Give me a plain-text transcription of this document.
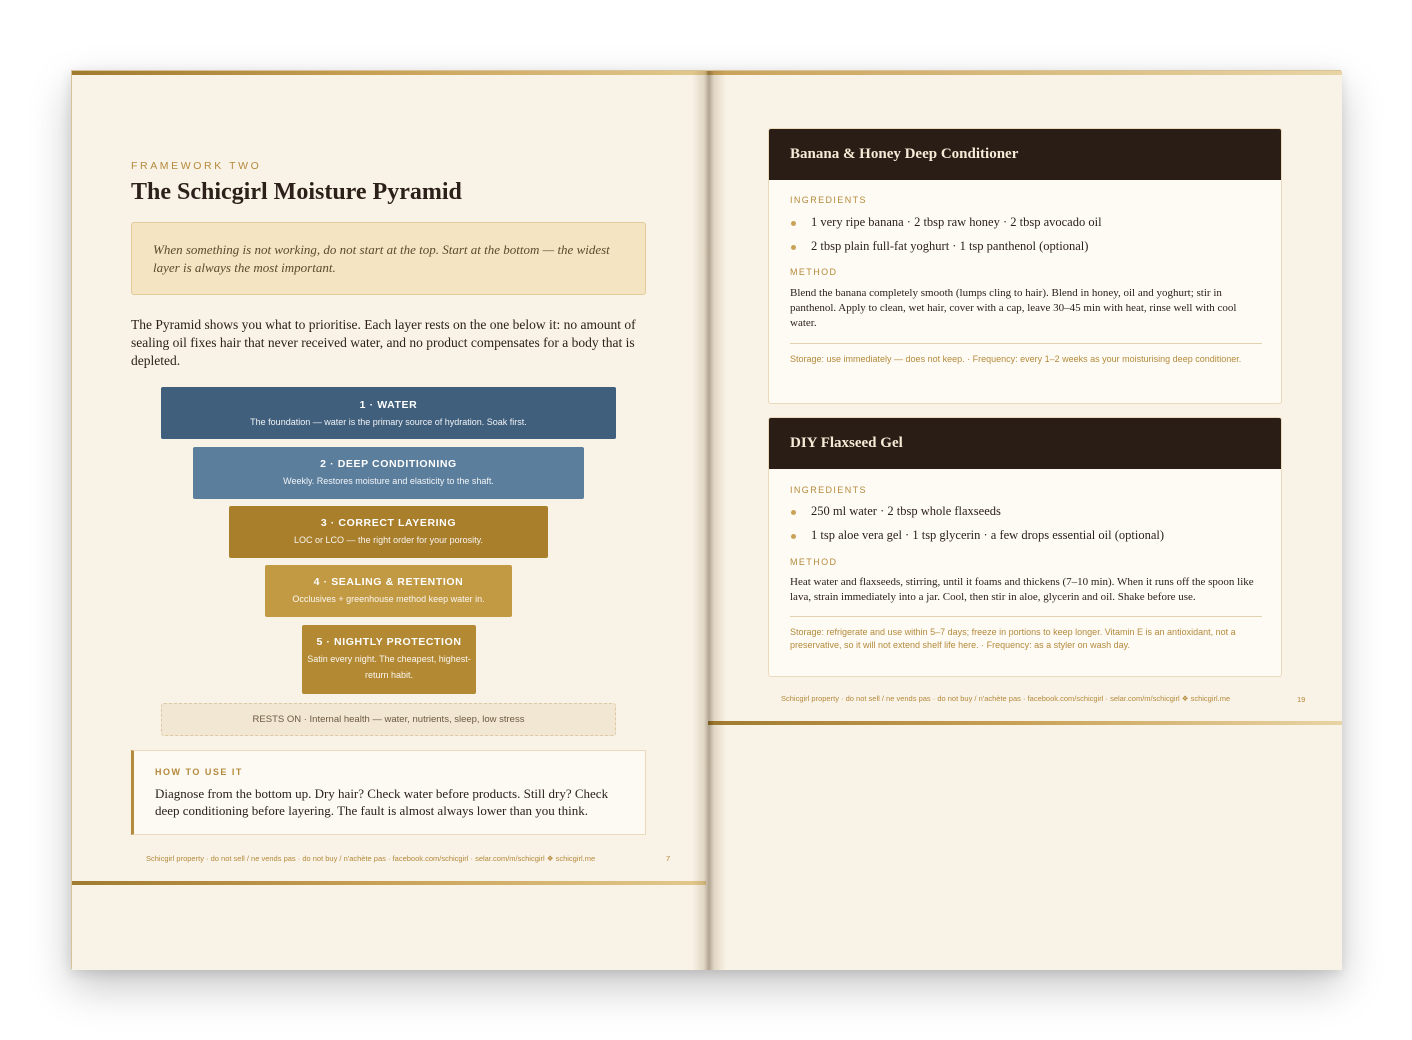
FRAMEWORK TWO
The Schicgirl Moisture Pyramid
When something is not working, do not start at the top. Start at the bottom — the widest layer is always the most important.
The Pyramid shows you what to prioritise. Each layer rests on the one below it: no amount of sealing oil fixes hair that never received water, and no product compensates for a body that is depleted.
1 · WATER
The foundation — water is the primary source of hydration. Soak first.
2 · DEEP CONDITIONING
Weekly. Restores moisture and elasticity to the shaft.
3 · CORRECT LAYERING
LOC or LCO — the right order for your porosity.
4 · SEALING & RETENTION
Occlusives + greenhouse method keep water in.
5 · NIGHTLY PROTECTION
Satin every night. The cheapest, highest-return habit.
RESTS ON · Internal health — water, nutrients, sleep, low stress
HOW TO USE IT
Diagnose from the bottom up. Dry hair? Check water before products. Still dry? Check deep conditioning before layering. The fault is almost always lower than you think.
Schicgirl property · do not sell / ne vends pas · do not buy / n'achète pas · facebook.com/schicgirl · selar.com/m/schicgirl ❖ schicgirl.me	7
Banana & Honey Deep Conditioner
INGREDIENTS
1 very ripe banana · 2 tbsp raw honey · 2 tbsp avocado oil
2 tbsp plain full-fat yoghurt · 1 tsp panthenol (optional)
METHOD
Blend the banana completely smooth (lumps cling to hair). Blend in honey, oil and yoghurt; stir in panthenol. Apply to clean, wet hair, cover with a cap, leave 30–45 min with heat, rinse well with cool water.
Storage: use immediately — does not keep. · Frequency: every 1–2 weeks as your moisturising deep conditioner.
DIY Flaxseed Gel
INGREDIENTS
250 ml water · 2 tbsp whole flaxseeds
1 tsp aloe vera gel · 1 tsp glycerin · a few drops essential oil (optional)
METHOD
Heat water and flaxseeds, stirring, until it foams and thickens (7–10 min). When it runs off the spoon like lava, strain immediately into a jar. Cool, then stir in aloe, glycerin and oil. Shake before use.
Storage: refrigerate and use within 5–7 days; freeze in portions to keep longer. Vitamin E is an antioxidant, not a preservative, so it will not extend shelf life here. · Frequency: as a styler on wash day.
Schicgirl property · do not sell / ne vends pas · do not buy / n'achète pas · facebook.com/schicgirl · selar.com/m/schicgirl ❖ schicgirl.me	19
